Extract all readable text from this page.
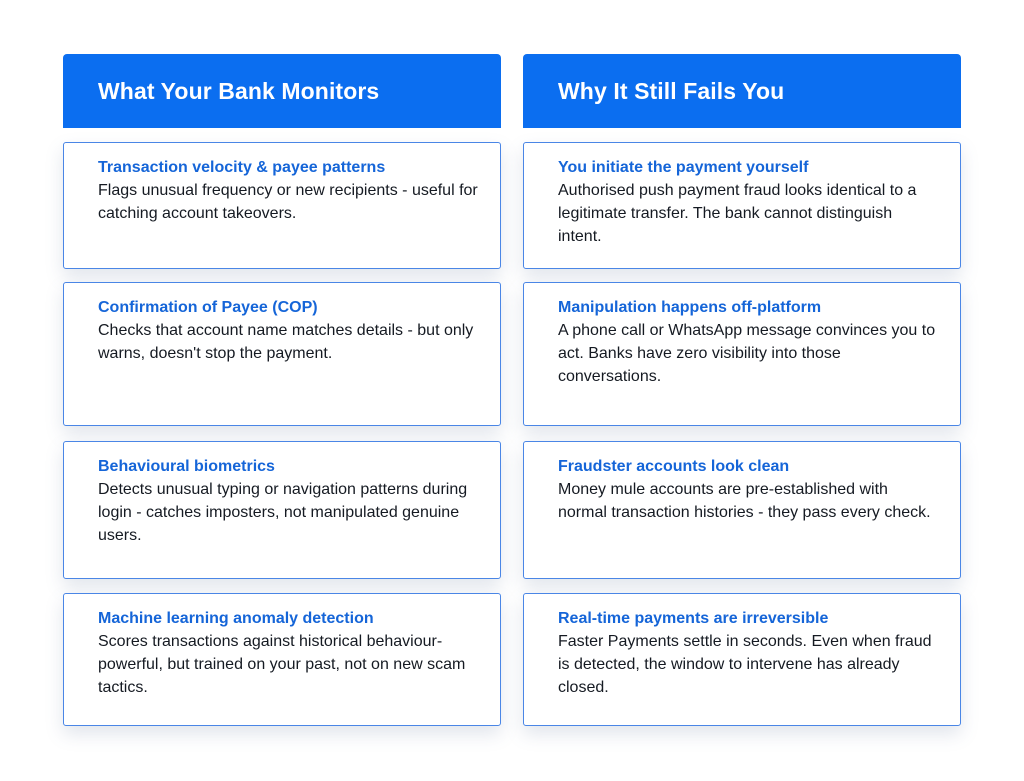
What Your Bank Monitors
Transaction velocity & payee patterns
Flags unusual frequency or new recipients - useful for catching account takeovers.
Confirmation of Payee (COP)
Checks that account name matches details - but only warns, doesn't stop the payment.
Behavioural biometrics
Detects unusual typing or navigation patterns during login - catches imposters, not manipulated genuine users.
Machine learning anomaly detection
Scores transactions against historical behaviour-powerful, but trained on your past, not on new scam tactics.
Why It Still Fails You
You initiate the payment yourself
Authorised push payment fraud looks identical to a legitimate transfer. The bank cannot distinguish intent.
Manipulation happens off-platform
A phone call or WhatsApp message convinces you to act. Banks have zero visibility into those conversations.
Fraudster accounts look clean
Money mule accounts are pre-established with normal transaction histories - they pass every check.
Real-time payments are irreversible
Faster Payments settle in seconds. Even when fraud is detected, the window to intervene has already closed.
